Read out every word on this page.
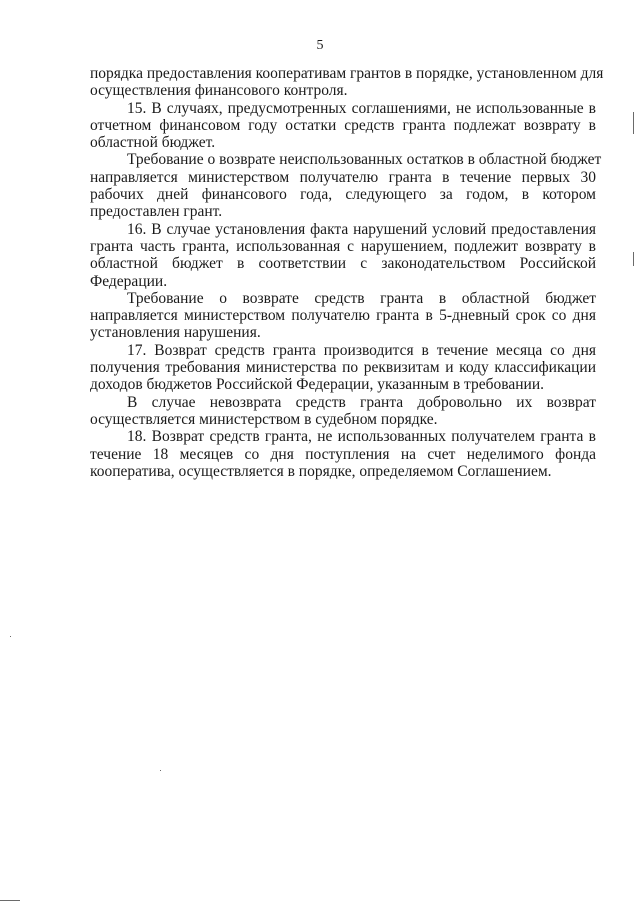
5
порядка предоставления кооперативам грантов в порядке, установленном для
осуществления финансового контроля.
15. В случаях, предусмотренных соглашениями, не использованные в
отчетном финансовом году остатки средств гранта подлежат возврату в
областной бюджет.
Требование о возврате неиспользованных остатков в областной бюджет
направляется министерством получателю гранта в течение первых 30
рабочих дней финансового года, следующего за годом, в котором
предоставлен грант.
16. В случае установления факта нарушений условий предоставления
гранта часть гранта, использованная с нарушением, подлежит возврату в
областной бюджет в соответствии с законодательством Российской
Федерации.
Требование о возврате средств гранта в областной бюджет
направляется министерством получателю гранта в 5-дневный срок со дня
установления нарушения.
17. Возврат средств гранта производится в течение месяца со дня
получения требования министерства по реквизитам и коду классификации
доходов бюджетов Российской Федерации, указанным в требовании.
В случае невозврата средств гранта добровольно их возврат
осуществляется министерством в судебном порядке.
18. Возврат средств гранта, не использованных получателем гранта в
течение 18 месяцев со дня поступления на счет неделимого фонда
кооператива, осуществляется в порядке, определяемом Соглашением.
